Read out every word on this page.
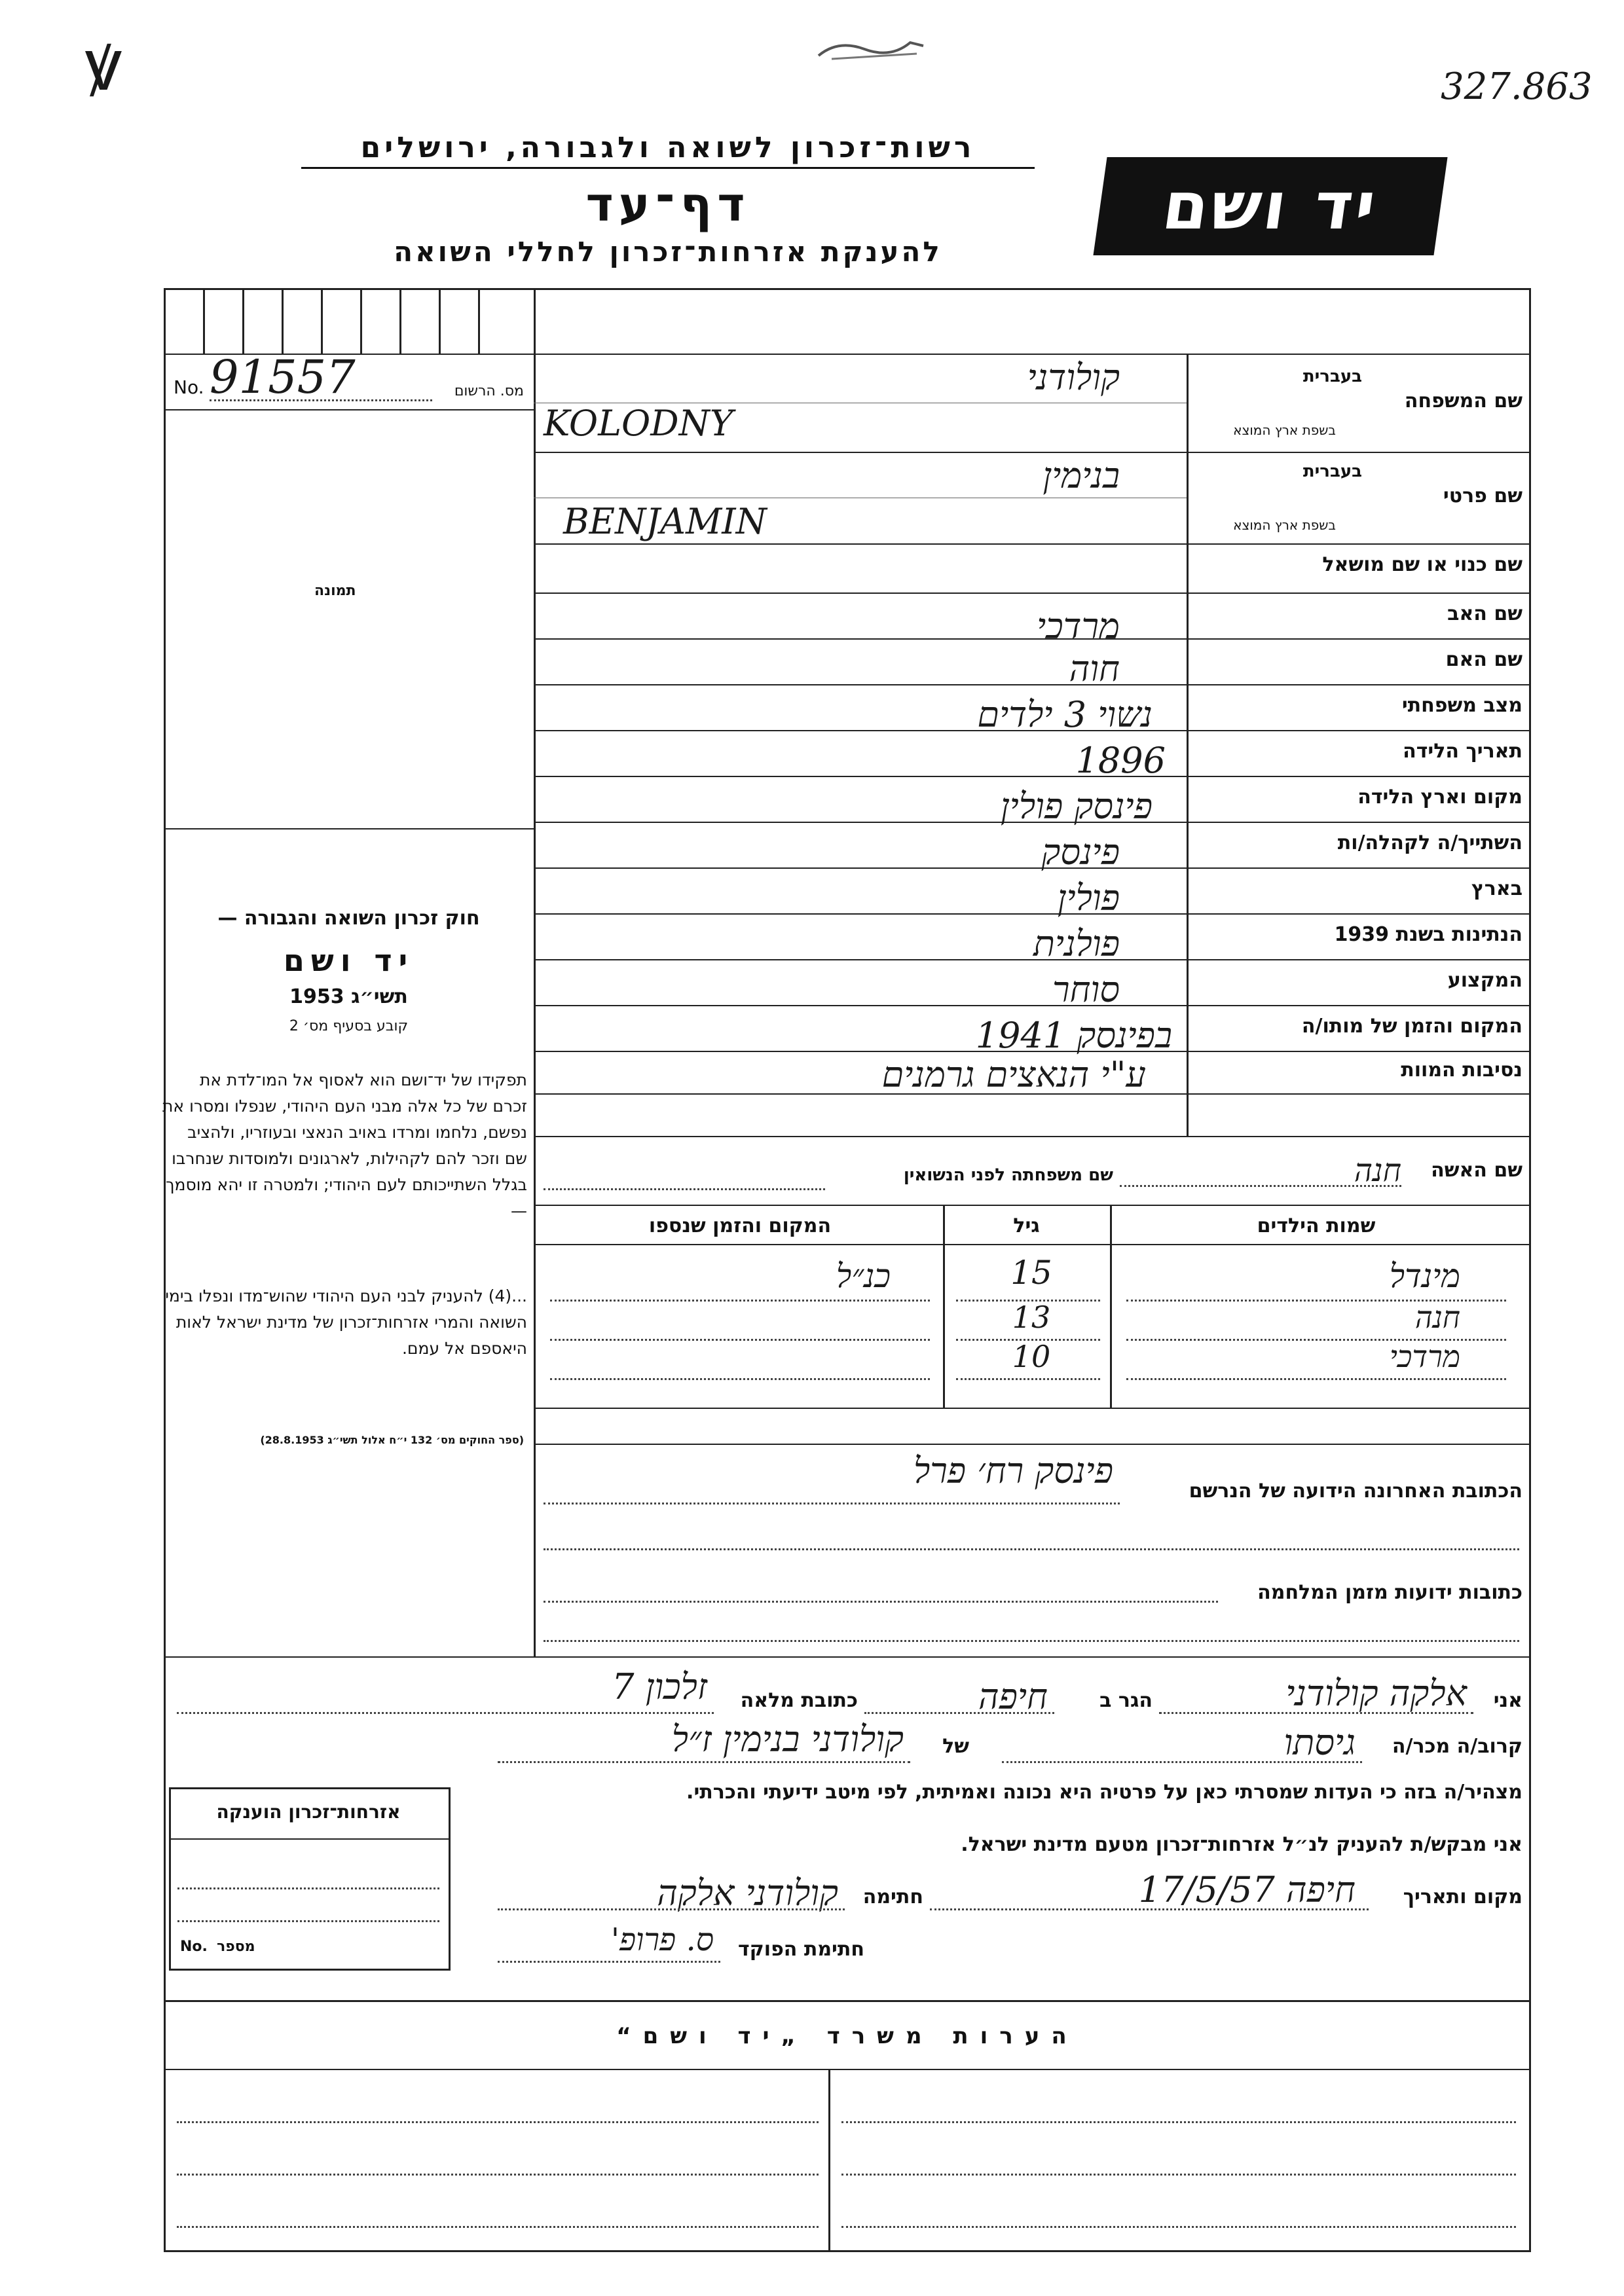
ꝟ	327.863
רשות־זכרון לשואה ולגבורה, ירושלים
דף־עד
להענקת אזרחות־זכרון לחללי השואה
יד ושם
No. 91557	מס. הרשום
תמונה
בעברית
שם המשפחה
בשפת ארץ המוצא
קולודני
KOLODNY
בעברית
שם פרטי
בשפת ארץ המוצא
בנימין
BENJAMIN
שם כנוי או שם מושאל
שם האב
מרדכי
שם האם
חוה
מצב משפחתי
נשוי 3 ילדים
תאריך הלידה
1896
מקום וארץ הלידה
פינסק פולין
השתייך/ה לקהלה/ות
פינסק
בארץ
פולין
הנתינות בשנת 1939
פולנית
המקצוע
סוחר
המקום והזמן של מותו/ה
בפינסק 1941
נסיבות המוות
ע"י הנאצים גרמנים
חוק זכרון השואה והגבורה —
יד ושם
תשי״ג 1953
קובע בסעיף מס׳ 2
תפקידו של יד־ושם הוא לאסוף אל המו־לדת את זכרם של כל אלה מבני העם היהודי, שנפלו ומסרו את נפשם, נלחמו ומרדו באויב הנאצי ובעוזריו, ולהציב שם וזכר להם לקהילות, לארגונים ולמוסדות שנחרבו בגלל השתייכותם לעם היהודי; ולמטרה זו יהא מוסמך —
...(4) להעניק לבני העם היהודי שהוש־מדו ונפלו בימי השואה והמרי אזרחות־זכרון של מדינת ישראל לאות היאספם אל עמם.
(ספר החוקים מס׳ 132 י״ח אלול תשי״ג 28.8.1953)
שם האשה
חנה
שם משפחתה לפני הנשואין
שמות הילדים
גיל
המקום והזמן שנספו
מינדל
15
כנ״ל
חנה
13
מרדכי
10
הכתובת האחרונה הידועה של הנרשם
פינסק רח׳ פרל
כתובות ידועות מזמן המלחמה
אני
אלקה קולודני
הגר ב
חיפה
כתובת מלאה
זלכון 7
קרוב/ה מכר/ה
גיסתו
של
קולודני בנימין ז״ל
מצהיר/ה בזה כי העדות שמסרתי כאן על פרטיה היא נכונה ואמיתית, לפי מיטב ידיעתי והכרתי.
אני מבקש/ת להעניק לנ״ל אזרחות־זכרון מטעם מדינת ישראל.
מקום ותאריך
חיפה 17/5/57
חתימה
קולודני אלקה
חתימת הפוקד
ס. פרופ'
אזרחות־זכרון הוענקה
No. מספר
הערות משרד „יד ושם“
